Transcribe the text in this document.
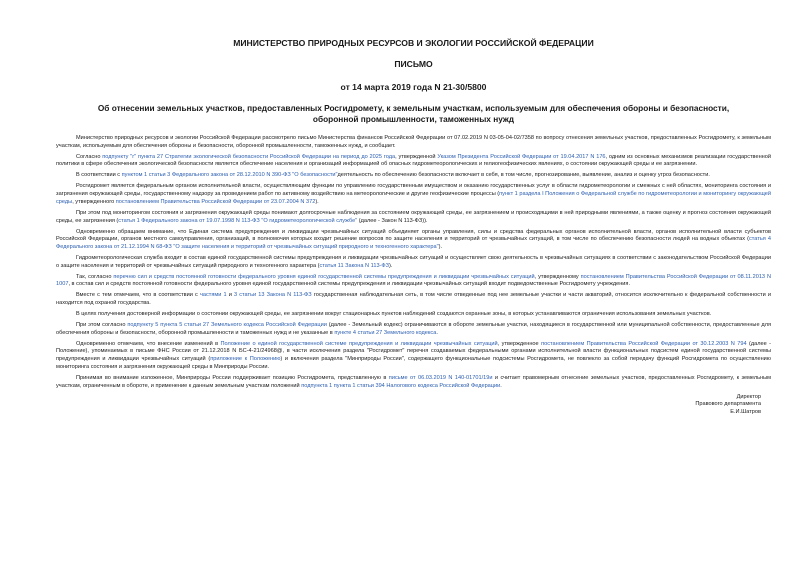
МИНИСТЕРСТВО ПРИРОДНЫХ РЕСУРСОВ И ЭКОЛОГИИ РОССИЙСКОЙ ФЕДЕРАЦИИ
ПИСЬМО
от 14 марта 2019 года N 21-30/5800
Об отнесении земельных участков, предоставленных Росгидромету, к земельным участкам, используемым для обеспечения обороны и безопасности, оборонной промышленности, таможенных нужд

Министерство природных ресурсов и экологии Российской Федерации рассмотрело письмо Министерства финансов Российской Федерации от 07.02.2019 N 03-05-04-02/7358 по вопросу отнесения земельных участков, предоставленных Росгидромету, к земельным участкам, используемым для обеспечения обороны и безопасности, оборонной промышленности, таможенных нужд, и сообщает.

Согласно подпункту "г" пункта 27 Стратегии экологической безопасности Российской Федерации на период до 2025 года, утвержденной Указом Президента Российской Федерации от 19.04.2017 N 176, одним из основных механизмов реализации государственной политики в сфере обеспечения экологической безопасности является обеспечение населения и организаций информацией об опасных гидрометеорологических и гелиогеофизических явлениях, о состоянии окружающей среды и ее загрязнении.

В соответствии с пунктом 1 статьи 3 Федерального закона от 28.12.2010 N 390-ФЗ "О безопасности"деятельность по обеспечению безопасности включает в себя, в том числе, прогнозирование, выявление, анализ и оценку угроз безопасности.

Росгидромет является федеральным органом исполнительной власти, осуществляющим функции по управлению государственным имуществом и оказанию государственных услуг в области гидрометеорологии и смежных с ней областях, мониторинга состояния и загрязнения окружающей среды, государственному надзору за проведением работ по активному воздействию на метеорологические и другие геофизические процессы (пункт 1 раздела I Положения о Федеральной службе по гидрометеорологии и мониторингу окружающей среды, утвержденного постановлением Правительства Российской Федерации от 23.07.2004 N 372).

При этом под мониторингом состояния и загрязнения окружающей среды понимают долгосрочные наблюдения за состоянием окружающей среды, ее загрязнением и происходящими в ней природными явлениями, а также оценку и прогноз состояния окружающей среды, ее загрязнения (статья 1 Федерального закона от 19.07.1998 N 113-ФЗ "О гидрометеорологической службе" (далее - Закон N 113-ФЗ)).

Одновременно обращаем внимание, что Единая система предупреждения и ликвидации чрезвычайных ситуаций объединяет органы управления, силы и средства федеральных органов исполнительной власти, органов исполнительной власти субъектов Российской Федерации, органов местного самоуправления, организаций, в полномочия которых входит решение вопросов по защите населения и территорий от чрезвычайных ситуаций, в том числе по обеспечению безопасности людей на водных объектах (статья 4 Федерального закона от 21.12.1994 N 68-ФЗ "О защите населения и территорий от чрезвычайных ситуаций природного и техногенного характера").

Гидрометеорологическая служба входит в состав единой государственной системы предупреждения и ликвидации чрезвычайных ситуаций и осуществляет свою деятельность в чрезвычайных ситуациях в соответствии с законодательством Российской Федерации о защите населения и территорий от чрезвычайных ситуаций природного и техногенного характера (статья 11 Закона N 113-ФЗ).

Так, согласно перечню сил и средств постоянной готовности федерального уровня единой государственной системы предупреждения и ликвидации чрезвычайных ситуаций, утвержденному постановлением Правительства Российской Федерации от 08.11.2013 N 1007, в состав сил и средств постоянной готовности федерального уровня единой государственной системы предупреждения и ликвидации чрезвычайных ситуаций входит подведомственные Росгидромету учреждения.

Вместе с тем отмечаем, что в соответствии с частями 1 и 3 статьи 13 Закона N 113-ФЗ государственная наблюдательная сеть, в том числе отведенные под нее земельные участки и части акваторий, относится исключительно к федеральной собственности и находится под охраной государства.

В целях получения достоверной информации о состоянии окружающей среды, ее загрязнении вокруг стационарных пунктов наблюдений создаются охранные зоны, в которых устанавливаются ограничения использования земельных участков.

При этом согласно подпункту 5 пункта 5 статьи 27 Земельного кодекса Российской Федерации (далее - Земельный кодекс) ограничиваются в обороте земельные участки, находящиеся в государственной или муниципальной собственности, предоставленные для обеспечения обороны и безопасности, оборонной промышленности и таможенных нужд и не указанные в пункте 4 статьи 27 Земельного кодекса.

Одновременно отмечаем, что внесение изменений в Положение о единой государственной системе предупреждения и ликвидации чрезвычайных ситуаций, утвержденное постановлением Правительства Российской Федерации от 30.12.2003 N 794 (далее - Положение), упоминаемых в письме ФНС России от 21.12.2018 N БС-4-21/24968@, в части исключения раздела "Росгидромет" перечня создаваемых федеральными органами исполнительной власти функциональных подсистем единой государственной системы предупреждения и ликвидации чрезвычайных ситуаций (приложение к Положению) и включения раздела "Минприроды России", содержащего функциональные подсистемы Росгидромета, не повлекло за собой передачу функций Росгидромета по осуществлению мониторинга состояния и загрязнения окружающей среды в Минприроды России.

Принимая во внимание изложенное, Минприроды России поддерживает позицию Росгидромета, представленную в письме от 06.03.2019 N 140-01701/19и и считает правомерным отнесение земельных участков, предоставленных Росгидромету, к земельным участкам, ограниченным в обороте, и применение к данным земельным участкам положений подпункта 1 пункта 1 статьи 394 Налогового кодекса Российской Федерации.

Директор
Правового департамента
Е.И.Шатров
